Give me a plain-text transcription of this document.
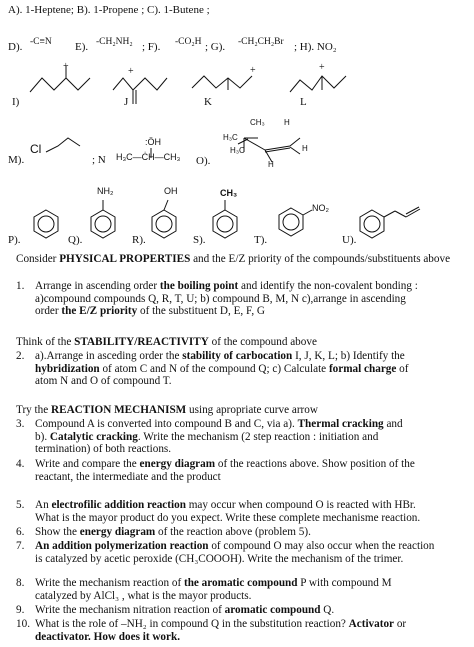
A). 1-Heptene; B). 1-Propene ; C). 1-Butene ;
D). -C≡N E). -CH₂NH₂ ; F). -CO₂H ; G). -CH₂CH₂Br ; H). NO₂
+	+	+	+
I)	J	K	L
M).
Cl
; N
:ÖH
H₃C—ĊH—CH₃ O).
CH₃ H
H₃C
H₃C	H
H
NH₂	OH	CH₃
NO₂
P).	Q).	R).	S).	T).	U).
Consider PHYSICAL PROPERTIES and the E/Z priority of the compounds/substituents above
1. Arrange in ascending order the boiling point and identify the non-covalent bonding :
a)compound compounds Q, R, T, U; b) compound B, M, N c),arrange in ascending
order the E/Z priority of the substituent D, E, F, G
Think of the STABILITY/REACTIVITY of the compound above
2. a).Arrange in asceding order the stability of carbocation I, J, K, L; b) Identify the
hybridization of atom C and N of the compound Q; c) Calculate formal charge of
atom N and O of compound T.
Try the REACTION MECHANISM using apropriate curve arrow
3. Compound A is converted into compound B and C, via a). Thermal cracking and
b). Catalytic cracking. Write the mechanism (2 step reaction : initiation and
termination) of both reactions.
4. Write and compare the energy diagram of the reactions above. Show position of the
reactant, the intermediate and the product
5. An electrofilic addition reaction may occur when compound O is reacted with HBr.
What is the mayor product do you expect. Write these complete mechanisme reaction.
6. Show the energy diagram of the reaction above (problem 5).
7. An addition polymerization reaction of compound O may also occur when the reaction
is catalyzed by acetic peroxide (CH₃COOOH). Write the mechanism of the trimer.
8. Write the mechanism reaction of the aromatic compound P with compound M
catalyzed by AlCl₃ , what is the mayor products.
9. Write the mechanism nitration reaction of aromatic compound Q.
10. What is the role of –NH₂ in compound Q in the substitution reaction? Activator or
deactivator. How does it work.
